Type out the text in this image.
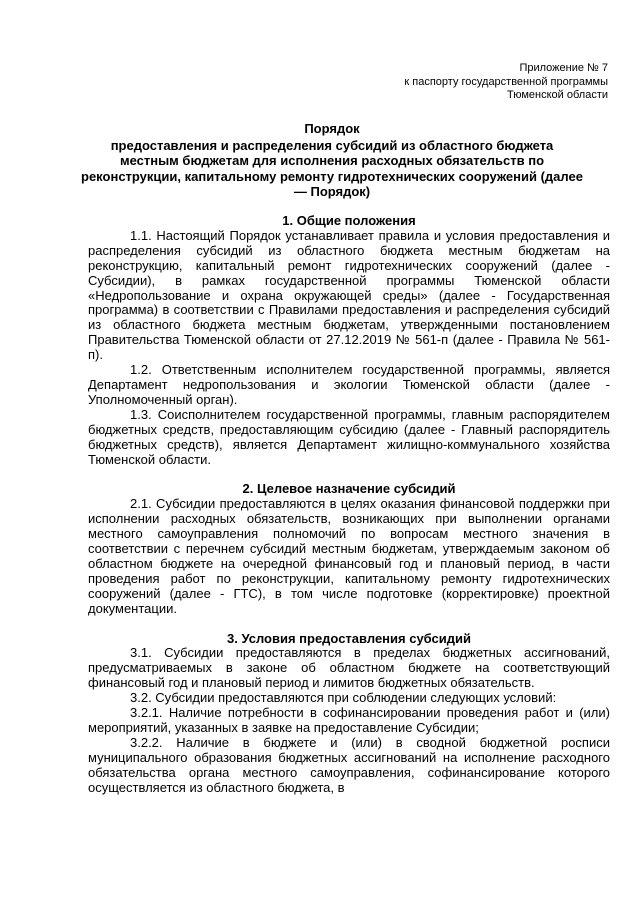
Приложение № 7
к паспорту государственной программы
Тюменской области
Порядок
предоставления и распределения субсидий из областного бюджета местным бюджетам для исполнения расходных обязательств по реконструкции, капитальному ремонту гидротехнических сооружений (далее — Порядок)

1. Общие положения

1.1. Настоящий Порядок устанавливает правила и условия предоставления и распределения субсидий из областного бюджета местным бюджетам на реконструкцию, капитальный ремонт гидротехнических сооружений (далее - Субсидии), в рамках государственной программы Тюменской области «Недропользование и охрана окружающей среды» (далее - Государственная программа) в соответствии с Правилами предоставления и распределения субсидий из областного бюджета местным бюджетам, утвержденными постановлением Правительства Тюменской области от 27.12.2019 № 561-п (далее - Правила № 561-п).

1.2. Ответственным исполнителем государственной программы, является Департамент недропользования и экологии Тюменской области (далее - Уполномоченный орган).

1.3. Соисполнителем государственной программы, главным распорядителем бюджетных средств, предоставляющим субсидию (далее - Главный распорядитель бюджетных средств), является Департамент жилищно-коммунального хозяйства Тюменской области.

2. Целевое назначение субсидий

2.1. Субсидии предоставляются в целях оказания финансовой поддержки при исполнении расходных обязательств, возникающих при выполнении органами местного самоуправления полномочий по вопросам местного значения в соответствии с перечнем субсидий местным бюджетам, утверждаемым законом об областном бюджете на очередной финансовый год и плановый период, в части проведения работ по реконструкции, капитальному ремонту гидротехнических сооружений (далее - ГТС), в том числе подготовке (корректировке) проектной документации.

3. Условия предоставления субсидий

3.1. Субсидии предоставляются в пределах бюджетных ассигнований, предусматриваемых в законе об областном бюджете на соответствующий финансовый год и плановый период и лимитов бюджетных обязательств.

3.2. Субсидии предоставляются при соблюдении следующих условий:

3.2.1. Наличие потребности в софинансировании проведения работ и (или) мероприятий, указанных в заявке на предоставление Субсидии;

3.2.2. Наличие в бюджете и (или) в сводной бюджетной росписи муниципального образования бюджетных ассигнований на исполнение расходного обязательства органа местного самоуправления, софинансирование которого осуществляется из областного бюджета, в
